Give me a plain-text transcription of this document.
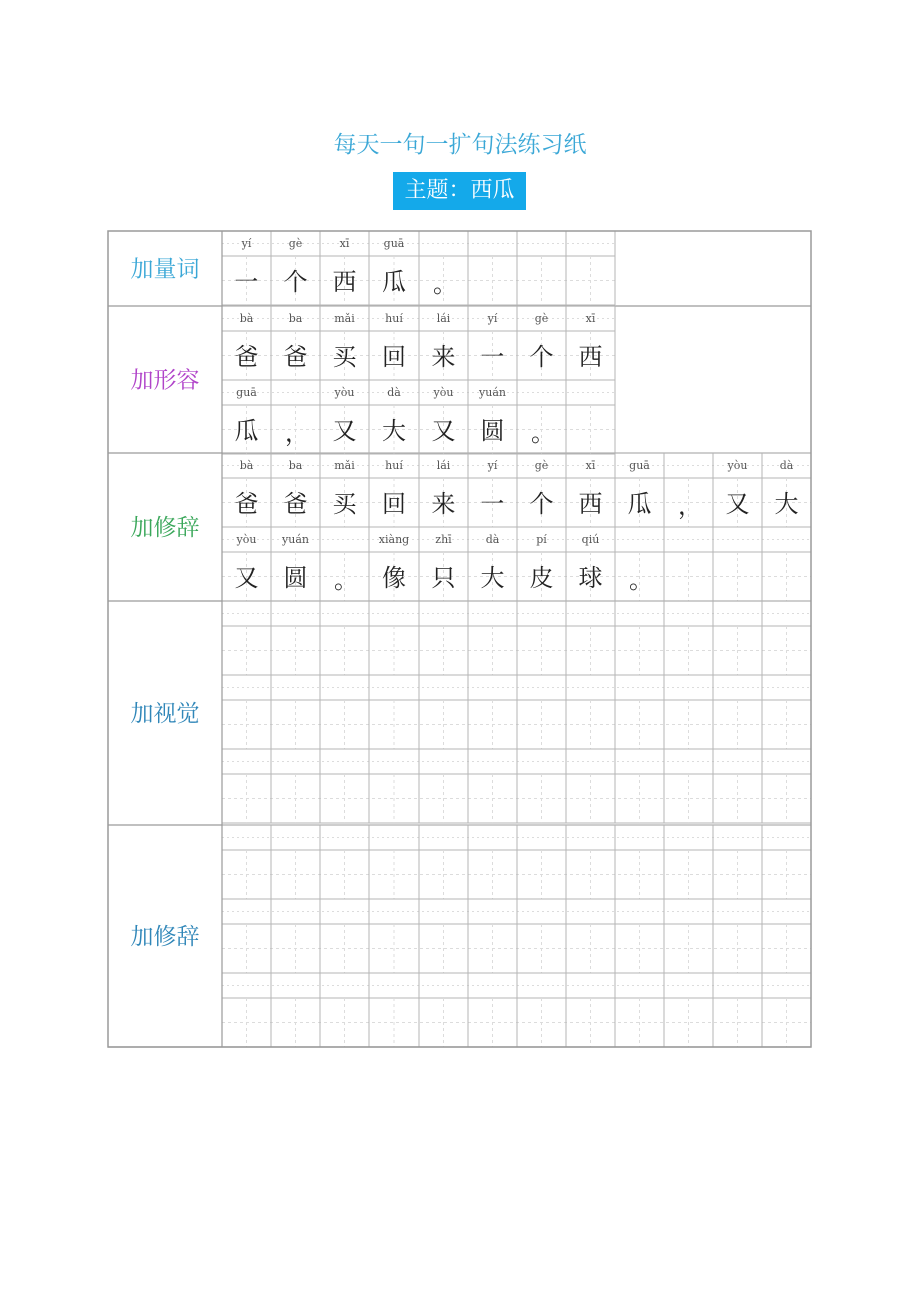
每天一句一扩句法练习纸
主题：西瓜
加量词
yí
一
gè
个
xī
西
guā
瓜 。
加形容
bà
爸
ba
爸
mǎi
买
huí
回
lái
来
yí
一
gè
个
xī
西
guā
瓜 ，
yòu
又
dà
大
yòu
又
yuán
圆 。
加修辞
bà
爸
ba
爸
mǎi
买
huí
回
lái
来
yí
一
gè
个
xī
西
guā
瓜 ，
yòu
又
dà
大
yòu
又
yuán
圆 。
xiàng
像
zhī
只
dà
大
pí
皮
qiú
球 。
加视觉
加修辞
